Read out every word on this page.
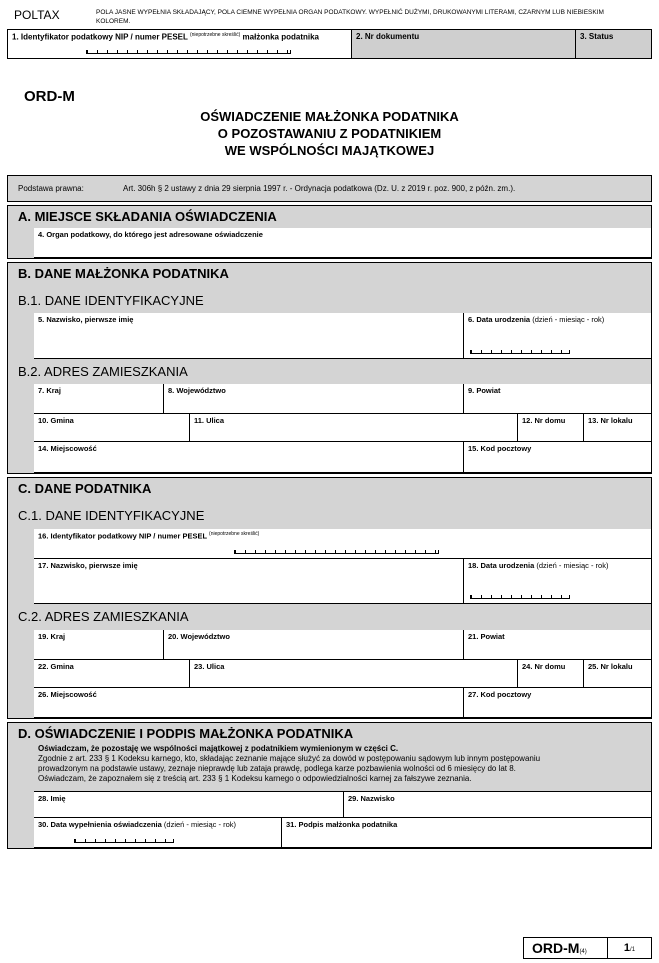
POLTAX	POLA JASNE WYPEŁNIA SKŁADAJĄCY, POLA CIEMNE WYPEŁNIA ORGAN PODATKOWY. WYPEŁNIĆ DUŻYMI, DRUKOWANYMI LITERAMI, CZARNYM LUB NIEBIESKIM KOLOREM.
1. Identyfikator podatkowy NIP / numer PESEL $^{(niepotrzebne skreślić)}$ małżonka podatnika	2. Nr dokumentu	3. Status
ORD-M
OŚWIADCZENIE MAŁŻONKA PODATNIKA
O POZOSTAWANIU Z PODATNIKIEM
WE WSPÓLNOŚCI MAJĄTKOWEJ
Podstawa prawna:	Art. 306h § 2 ustawy z dnia 29 sierpnia 1997 r. - Ordynacja podatkowa (Dz. U. z 2019 r. poz. 900, z późn. zm.).
A. MIEJSCE SKŁADANIA OŚWIADCZENIA
4. Organ podatkowy, do którego jest adresowane oświadczenie
B. DANE MAŁŻONKA PODATNIKA
B.1. DANE IDENTYFIKACYJNE
5. Nazwisko, pierwsze imię	6. Data urodzenia (dzień - miesiąc - rok)
B.2. ADRES ZAMIESZKANIA
7. Kraj	8. Województwo	9. Powiat
10. Gmina	11. Ulica	12. Nr domu	13. Nr lokalu
14. Miejscowość	15. Kod pocztowy
C. DANE PODATNIKA
C.1. DANE IDENTYFIKACYJNE
16. Identyfikator podatkowy NIP / numer PESEL $^{(niepotrzebne skreślić)}$
17. Nazwisko, pierwsze imię	18. Data urodzenia (dzień - miesiąc - rok)
C.2. ADRES ZAMIESZKANIA
19. Kraj	20. Województwo	21. Powiat
22. Gmina	23. Ulica	24. Nr domu	25. Nr lokalu
26. Miejscowość	27. Kod pocztowy
D. OŚWIADCZENIE I PODPIS MAŁŻONKA PODATNIKA
Oświadczam, że pozostaję we wspólności majątkowej z podatnikiem wymienionym w części C.
Zgodnie z art. 233 § 1 Kodeksu karnego, kto, składając zeznanie mające służyć za dowód w postępowaniu sądowym lub innym postępowaniu
prowadzonym na podstawie ustawy, zeznaje nieprawdę lub zataja prawdę, podlega karze pozbawienia wolności od 6 miesięcy do lat 8.
Oświadczam, że zapoznałem się z treścią art. 233 § 1 Kodeksu karnego o odpowiedzialności karnej za fałszywe zeznania.
28. Imię	29. Nazwisko
30. Data wypełnienia oświadczenia (dzień - miesiąc - rok)	31. Podpis małżonka podatnika
ORD-M(4)	1/1
